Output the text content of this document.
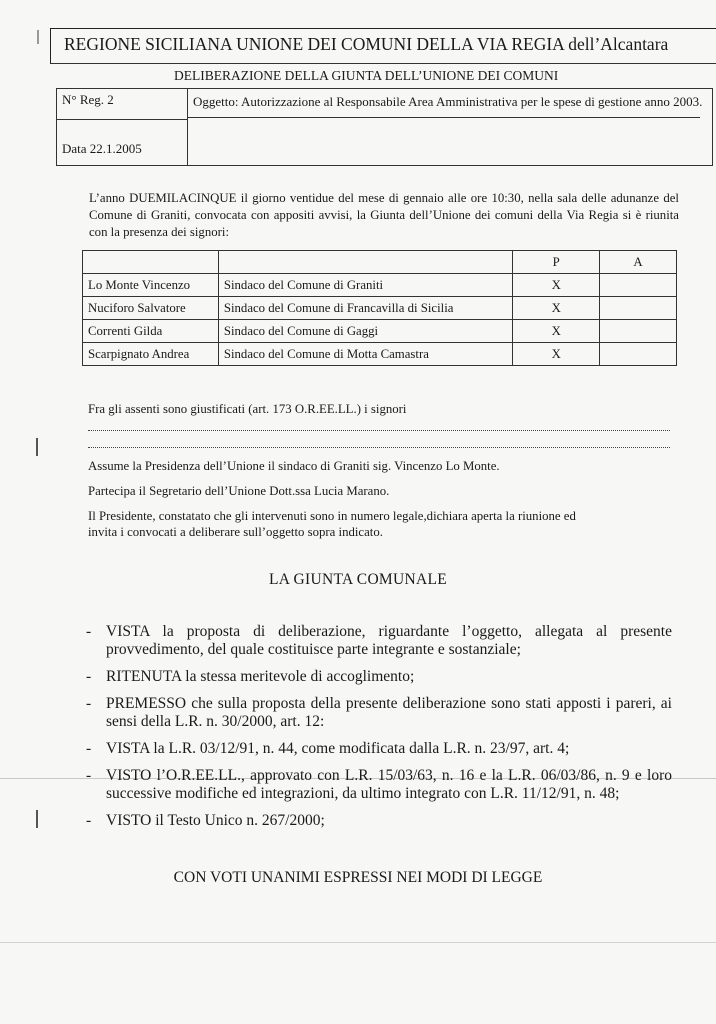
REGIONE SICILIANA UNIONE DEI COMUNI DELLA VIA REGIA dell’Alcantara
DELIBERAZIONE DELLA GIUNTA DELL’UNIONE DEI COMUNI
N° Reg. 2
Data 22.1.2005
Oggetto: Autorizzazione al Responsabile Area Amministrativa per le spese di gestione anno 2003.
L’anno DUEMILACINQUE il giorno ventidue del mese di gennaio alle ore 10:30, nella sala delle adunanze del Comune di Graniti, convocata con appositi avvisi, la Giunta dell’Unione dei comuni della Via Regia si è riunita con la presenza dei signori:
		P	A
Lo Monte Vincenzo	Sindaco del Comune di Graniti	X	
Nuciforo Salvatore	Sindaco del Comune di Francavilla di Sicilia	X	
Correnti Gilda	Sindaco del Comune di Gaggi	X	
Scarpignato Andrea	Sindaco del Comune di Motta Camastra	X	
Fra gli assenti sono giustificati (art. 173 O.R.EE.LL.) i signori
Assume la Presidenza dell’Unione il sindaco di Graniti sig. Vincenzo Lo Monte.
Partecipa il Segretario dell’Unione Dott.ssa Lucia Marano.
Il Presidente, constatato che gli intervenuti sono in numero legale,dichiara aperta la riunione ed
invita i convocati a deliberare sull’oggetto sopra indicato.
LA GIUNTA COMUNALE
- VISTA la proposta di deliberazione, riguardante l’oggetto, allegata al presente provvedimento, del quale costituisce parte integrante e sostanziale;
- RITENUTA la stessa meritevole di accoglimento;
- PREMESSO che sulla proposta della presente deliberazione sono stati apposti i pareri, ai sensi della L.R. n. 30/2000, art. 12:
- VISTA la L.R. 03/12/91, n. 44, come modificata dalla L.R. n. 23/97, art. 4;
- VISTO l’O.R.EE.LL., approvato con L.R. 15/03/63, n. 16 e la L.R. 06/03/86, n. 9 e loro successive modifiche ed integrazioni, da ultimo integrato con L.R. 11/12/91, n. 48;
- VISTO il Testo Unico n. 267/2000;
CON VOTI UNANIMI ESPRESSI NEI MODI DI LEGGE
